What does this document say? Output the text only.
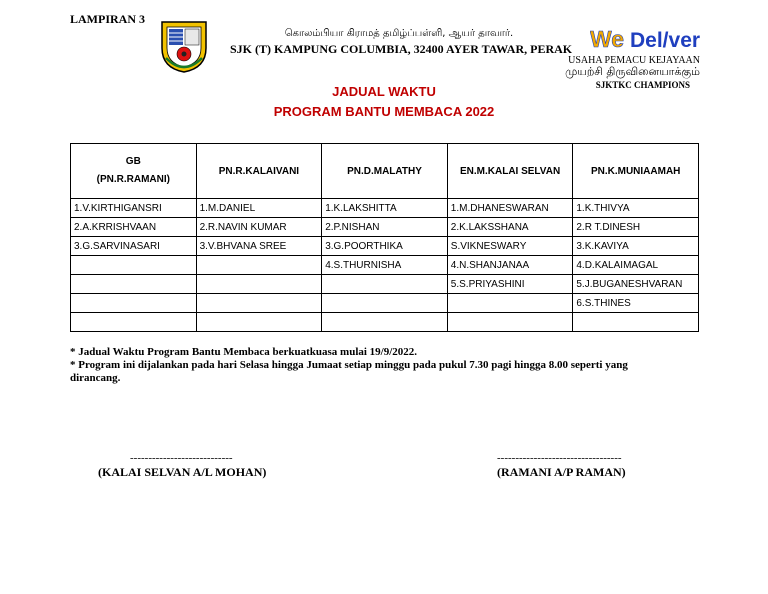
LAMPIRAN 3
கொலம்பியா கிராமத் தமிழ்ப்பள்ளி, ஆயர் தாவார்.
SJK (T) KAMPUNG COLUMBIA, 32400 AYER TAWAR, PERAK We Del/ver
USAHA PEMACU KEJAYAAN
முயற்சி திருவினையாக்கும்
SJKTKC CHAMPIONS
JADUAL WAKTU
PROGRAM BANTU MEMBACA 2022
GB
(PN.R.RAMANI)	PN.R.KALAIVANI	PN.D.MALATHY	EN.M.KALAI SELVAN	PN.K.MUNIAAMAH
1.V.KIRTHIGANSRI	1.M.DANIEL	1.K.LAKSHITTA	1.M.DHANESWARAN	1.K.THIVYA
2.A.KRRISHVAAN	2.R.NAVIN KUMAR	2.P.NISHAN	2.K.LAKSSHANA	2.R T.DINESH
3.G.SARVINASARI	3.V.BHVANA SREE	3.G.POORTHIKA	S.VIKNESWARY	3.K.KAVIYA
		4.S.THURNISHA	4.N.SHANJANAA	4.D.KALAIMAGAL
			5.S.PRIYASHINI	5.J.BUGANESHVARAN
				6.S.THINES

* Jadual Waktu Program Bantu Membaca berkuatkuasa mulai 19/9/2022.
* Program ini dijalankan pada hari Selasa hingga Jumaat setiap minggu pada pukul 7.30 pagi hingga 8.00 seperti yang dirancang.
----------------------------	----------------------------------
(KALAI SELVAN A/L MOHAN)	(RAMANI A/P RAMAN)
